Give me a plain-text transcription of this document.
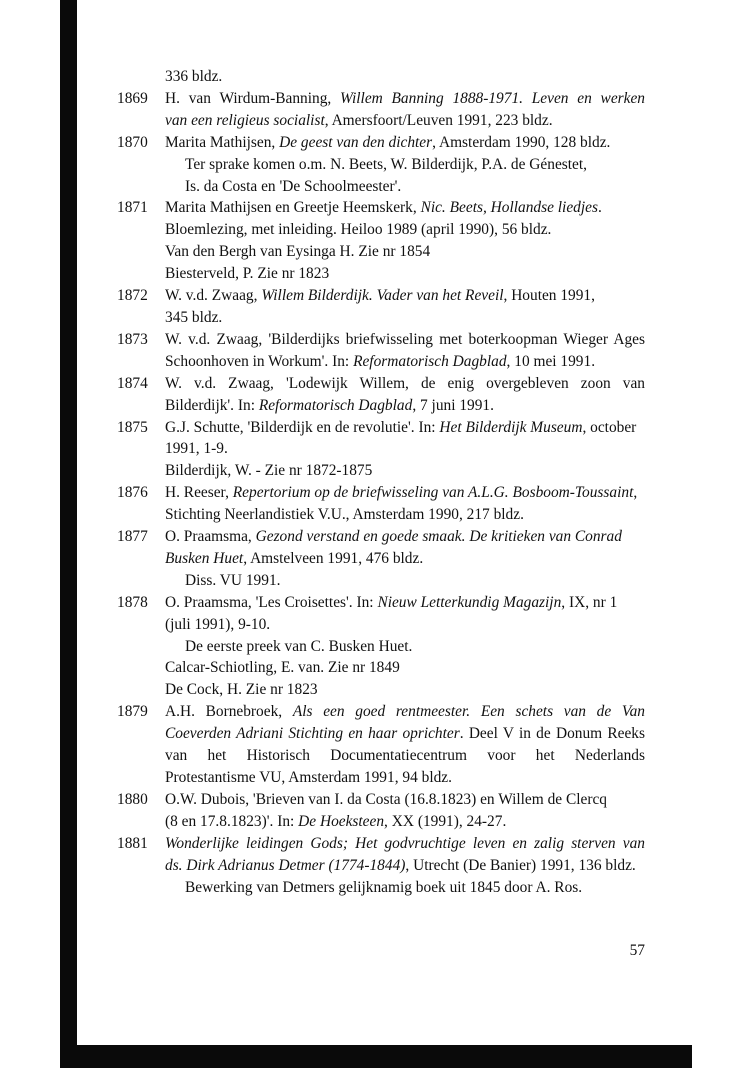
336 bldz.
1869	H. van Wirdum-Banning, Willem Banning 1888-1971. Leven en werken
van een religieus socialist, Amersfoort/Leuven 1991, 223 bldz.
1870	Marita Mathijsen, De geest van den dichter, Amsterdam 1990, 128 bldz.
Ter sprake komen o.m. N. Beets, W. Bilderdijk, P.A. de Génestet,
Is. da Costa en 'De Schoolmeester'.
1871	Marita Mathijsen en Greetje Heemskerk, Nic. Beets, Hollandse liedjes.
Bloemlezing, met inleiding. Heiloo 1989 (april 1990), 56 bldz.
Van den Bergh van Eysinga H. Zie nr 1854
Biesterveld, P. Zie nr 1823
1872	W. v.d. Zwaag, Willem Bilderdijk. Vader van het Reveil, Houten 1991,
345 bldz.
1873	W. v.d. Zwaag, 'Bilderdijks briefwisseling met boterkoopman Wieger Ages
Schoonhoven in Workum'. In: Reformatorisch Dagblad, 10 mei 1991.
1874	W. v.d. Zwaag, 'Lodewijk Willem, de enig overgebleven zoon van
Bilderdijk'. In: Reformatorisch Dagblad, 7 juni 1991.
1875	G.J. Schutte, 'Bilderdijk en de revolutie'. In: Het Bilderdijk Museum, october
1991, 1-9.
Bilderdijk, W. - Zie nr 1872-1875
1876	H. Reeser, Repertorium op de briefwisseling van A.L.G. Bosboom-Toussaint,
Stichting Neerlandistiek V.U., Amsterdam 1990, 217 bldz.
1877	O. Praamsma, Gezond verstand en goede smaak. De kritieken van Conrad
Busken Huet, Amstelveen 1991, 476 bldz.
Diss. VU 1991.
1878	O. Praamsma, 'Les Croisettes'. In: Nieuw Letterkundig Magazijn, IX, nr 1
(juli 1991), 9-10.
De eerste preek van C. Busken Huet.
Calcar-Schiotling, E. van. Zie nr 1849
De Cock, H. Zie nr 1823
1879	A.H. Bornebroek, Als een goed rentmeester. Een schets van de Van
Coeverden Adriani Stichting en haar oprichter. Deel V in de Donum Reeks
van het Historisch Documentatiecentrum voor het Nederlands
Protestantisme VU, Amsterdam 1991, 94 bldz.
1880	O.W. Dubois, 'Brieven van I. da Costa (16.8.1823) en Willem de Clercq
(8 en 17.8.1823)'. In: De Hoeksteen, XX (1991), 24-27.
1881	Wonderlijke leidingen Gods; Het godvruchtige leven en zalig sterven van
ds. Dirk Adrianus Detmer (1774-1844), Utrecht (De Banier) 1991, 136 bldz.
Bewerking van Detmers gelijknamig boek uit 1845 door A. Ros.
57
